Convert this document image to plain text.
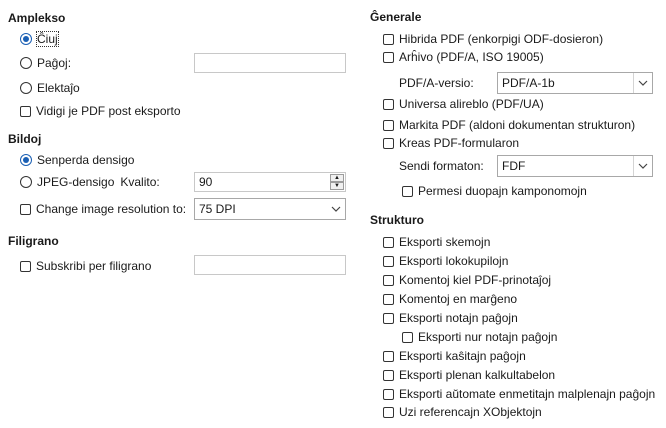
Amplekso
Ĉiuj
Paĝoj:
Elektaĵo
Vidigi je PDF post eksporto
Bildoj
Senperda densigo
JPEG-densigo Kvalito:	90	▲
▼
Change image resolution to:	75 DPI
Filigrano
Subskribi per filigrano
Ĝenerale
Hibrida PDF (enkorpigi ODF-dosieron)
Arĥivo (PDF/A, ISO 19005)
PDF/A-versio:	PDF/A-1b
Universa alireblo (PDF/UA)
Markita PDF (aldoni dokumentan strukturon)
Kreas PDF-formularon
Sendi formaton:	FDF
Permesi duopajn kamponomojn
Strukturo
Eksporti skemojn
Eksporti lokokupilojn
Komentoj kiel PDF-prinotaĵoj
Komentoj en marĝeno
Eksporti notajn paĝojn
Eksporti nur notajn paĝojn
Eksporti kaŝitajn paĝojn
Eksporti plenan kalkultabelon
Eksporti aŭtomate enmetitajn malplenajn paĝojn
Uzi referencajn XObjektojn
